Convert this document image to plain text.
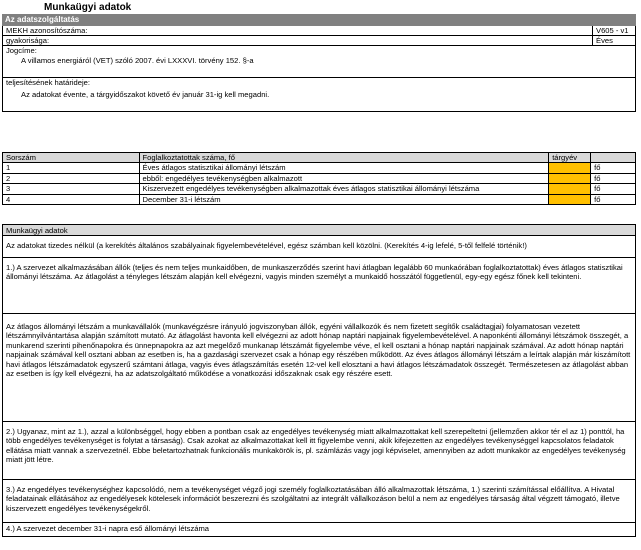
Munkaügyi adatok
Az adatszolgáltatás
MEKH azonosítószáma:	V605 - v1
gyakorisága:	Éves
Jogcíme:
A villamos energiáról (VET) szóló 2007. évi LXXXVI. törvény 152. §-a
teljesítésének határideje:
Az adatokat évente, a tárgyidőszakot követő év január 31-ig kell megadni.
Sorszám	Foglalkoztatottak száma, fő	tárgyév	
1	Éves átlagos statisztikai állományi létszám		fő
2	ebből: engedélyes tevékenységben alkalmazott		fő
3	Kiszervezett engedélyes tevékenységben alkalmazottak éves átlagos statisztikai állományi létszáma		fő
4	December 31-i létszám		fő
Munkaügyi adatok
Az adatokat tizedes nélkül (a kerekítés általános szabályainak figyelembevételével, egész számban kell közölni. (Kerekítés 4-ig lefelé, 5-től felfelé történik!)
1.) A szervezet alkalmazásában állók (teljes és nem teljes munkaidőben, de munkaszerződés szerint havi átlagban legalább 60 munkaórában foglalkoztatottak) éves átlagos statisztikai állományi létszáma. Az átlagolást a tényleges létszám alapján kell elvégezni, vagyis minden személyt a munkaidő hosszától függetlenül, egy-egy egész főnek kell tekinteni.
Az átlagos állományi létszám a munkavállalók (munkavégzésre irányuló jogviszonyban állók, egyéni vállalkozók és nem fizetett segítők családtagjai) folyamatosan vezetett létszámnyilvántartása alapján számított mutató. Az átlagolást havonta kell elvégezni az adott hónap naptári napjainak figyelembevételével. A naponkénti állományi létszámok összegét, a munkarend szerinti pihenőnapokra és ünnepnapokra az azt megelőző munkanap létszámát figyelembe véve, el kell osztani a hónap naptári napjainak számával. Az adott hónap naptári napjainak számával kell osztani abban az esetben is, ha a gazdasági szervezet csak a hónap egy részében működött. Az éves átlagos állományi létszám a leírtak alapján már kiszámított havi átlagos létszámadatok egyszerű számtani átlaga, vagyis éves átlagszámítás esetén 12-vel kell elosztani a havi átlagos létszámadatok összegét. Természetesen az átlagolást abban az esetben is így kell elvégezni, ha az adatszolgáltató működése a vonatkozási időszaknak csak egy részére esett.
2.) Ugyanaz, mint az 1.), azzal a különbséggel, hogy ebben a pontban csak az engedélyes tevékenység miatt alkalmazottakat kell szerepeltetni (jellemzően akkor tér el az 1) ponttól, ha több engedélyes tevékenységet is folytat a társaság). Csak azokat az alkalmazottakat kell itt figyelembe venni, akik kifejezetten az engedélyes tevékenységgel kapcsolatos feladatok ellátása miatt vannak a szervezetnél. Ebbe beletartozhatnak funkcionális munkakörök is, pl. számlázás vagy jogi képviselet, amennyiben az adott munkakör az engedélyes tevékenység miatt jött létre.
3.) Az engedélyes tevékenységhez kapcsolódó, nem a tevékenységet végző jogi személy foglalkoztatásában álló alkalmazottak létszáma, 1.) szerinti számítással előállítva. A Hivatal feladatainak ellátásához az engedélyesek kötelesek információt beszerezni és szolgáltatni az integrált vállalkozáson belül a nem az engedélyes társaság által végzett támogató, illetve kiszervezett engedélyes tevékenységekről.
4.) A szervezet december 31-i napra eső állományi létszáma
